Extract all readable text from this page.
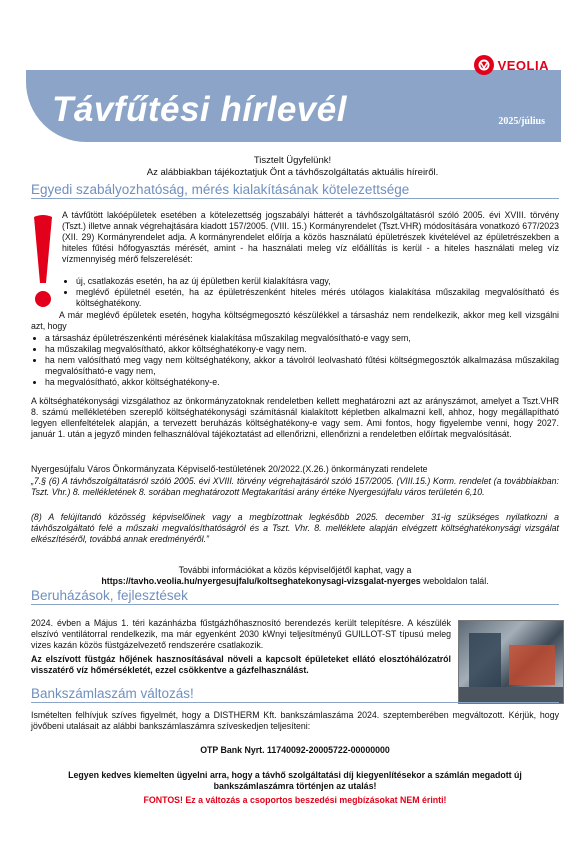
Távfűtési hírlevél	2025/július
VEOLIA
Tisztelt Ügyfelünk!
Az alábbiakban tájékoztatjuk Önt a távhőszolgáltatás aktuális híreiről.
Egyedi szabályozhatóság, mérés kialakításának kötelezettsége
A távfűtött lakóépületek esetében a kötelezettség jogszabályi hátterét a távhőszolgáltatásról szóló 2005. évi XVIII. törvény (Tszt.) illetve annak végrehajtására kiadott 157/2005. (VIII. 15.) Kormányrendelet (Tszt.VHR) módosítására vonatkozó 677/2023 (XII. 29) Kormányrendelet adja. A kormányrendelet előírja a közös használatú épületrészek kivételével az épületrészekben a hiteles fűtési hőfogyasztás mérését, amint - ha használati meleg víz előállítás is kerül - a hiteles használati meleg víz vízmennyiség mérő felszerelését:
• új, csatlakozás esetén, ha az új épületben kerül kialakításra vagy,
• meglévő épületnél esetén, ha az épületrészenként hiteles mérés utólagos kialakítása műszakilag megvalósítható és költséghatékony.
A már meglévő épületek esetén, hogyha költségmegosztó készülékkel a társasház nem rendelkezik, akkor meg kell vizsgálni azt, hogy
• a társasház épületrészenkénti mérésének kialakítása műszakilag megvalósítható-e vagy sem,
• ha műszakilag megvalósítható, akkor költséghatékony-e vagy nem.
• ha nem valósítható meg vagy nem költséghatékony, akkor a távolról leolvasható fűtési költségmegosztók alkalmazása műszakilag megvalósítható-e vagy nem,
• ha megvalósítható, akkor költséghatékony-e.
A költséghatékonysági vizsgálathoz az önkormányzatoknak rendeletben kellett meghatározni azt az arányszámot, amelyet a Tszt.VHR 8. számú mellékletében szereplő költséghatékonysági számításnál kialakított képletben alkalmazni kell, ahhoz, hogy megállapítható legyen ellenfeltételek alapján, a tervezett beruházás költséghatékony-e vagy sem. Ami fontos, hogy figyelembe venni, hogy 2027. január 1. után a jegyző minden felhasználóval tájékoztatást ad ellenőrizni, ellenőrizni a rendeletben előírtak megvalósítását.
Nyergesújfalu Város Önkormányzata Képviselő-testületének 20/2022.(X.26.) önkormányzati rendelete
„7.§ (6) A távhőszolgáltatásról szóló 2005. évi XVIII. törvény végrehajtásáról szóló 157/2005. (VIII.15.) Korm. rendelet (a továbbiakban: Tszt. Vhr.) 8. mellékletének 8. sorában meghatározott Megtakarítási arány értéke Nyergesújfalu város területén 6,10.
(8) A felújítandó közösség képviselőinek vagy a megbízottnak legkésőbb 2025. december 31-ig szükséges nyilatkozni a távhőszolgáltató felé a műszaki megvalósíthatóságról és a Tszt. Vhr. 8. melléklete alapján elvégzett költséghatékonysági vizsgálat elkészítéséről, továbbá annak eredményéről.”
További információkat a közös képviselőjétől kaphat, vagy a
https://tavho.veolia.hu/nyergesujfalu/koltseghatekonysagi-vizsgalat-nyerges weboldalon talál.
Beruházások, fejlesztések
2024. évben a Május 1. téri kazánházba fűstgázhőhasznosító berendezés került telepítésre. A készülék elszívó ventilátorral rendelkezik, ma már egyenként 2030 kWnyi teljesítményű GUILLOT-ST típusú meleg vizes kazán közös füstgázelvezető rendszerére csatlakozik.
Az elszívott füstgáz hőjének hasznosításával növeli a kapcsolt épületeket ellátó elosztóhálózatról visszatérő víz hőmérsékletét, ezzel csökkentve a gázfelhasználást.
Bankszámlaszám változás!
Ismételten felhívjuk szíves figyelmét, hogy a DISTHERM Kft. bankszámlaszáma 2024. szeptemberében megváltozott. Kérjük, hogy jövőbeni utalásait az alábbi bankszámlaszámra szíveskedjen teljesíteni:
OTP Bank Nyrt. 11740092-20005722-00000000
Legyen kedves kiemelten ügyelni arra, hogy a távhő szolgáltatási díj kiegyenlítésekor a számlán megadott új bankszámlaszámra történjen az utalás!
FONTOS! Ez a változás a csoportos beszedési megbízásokat NEM érinti!
